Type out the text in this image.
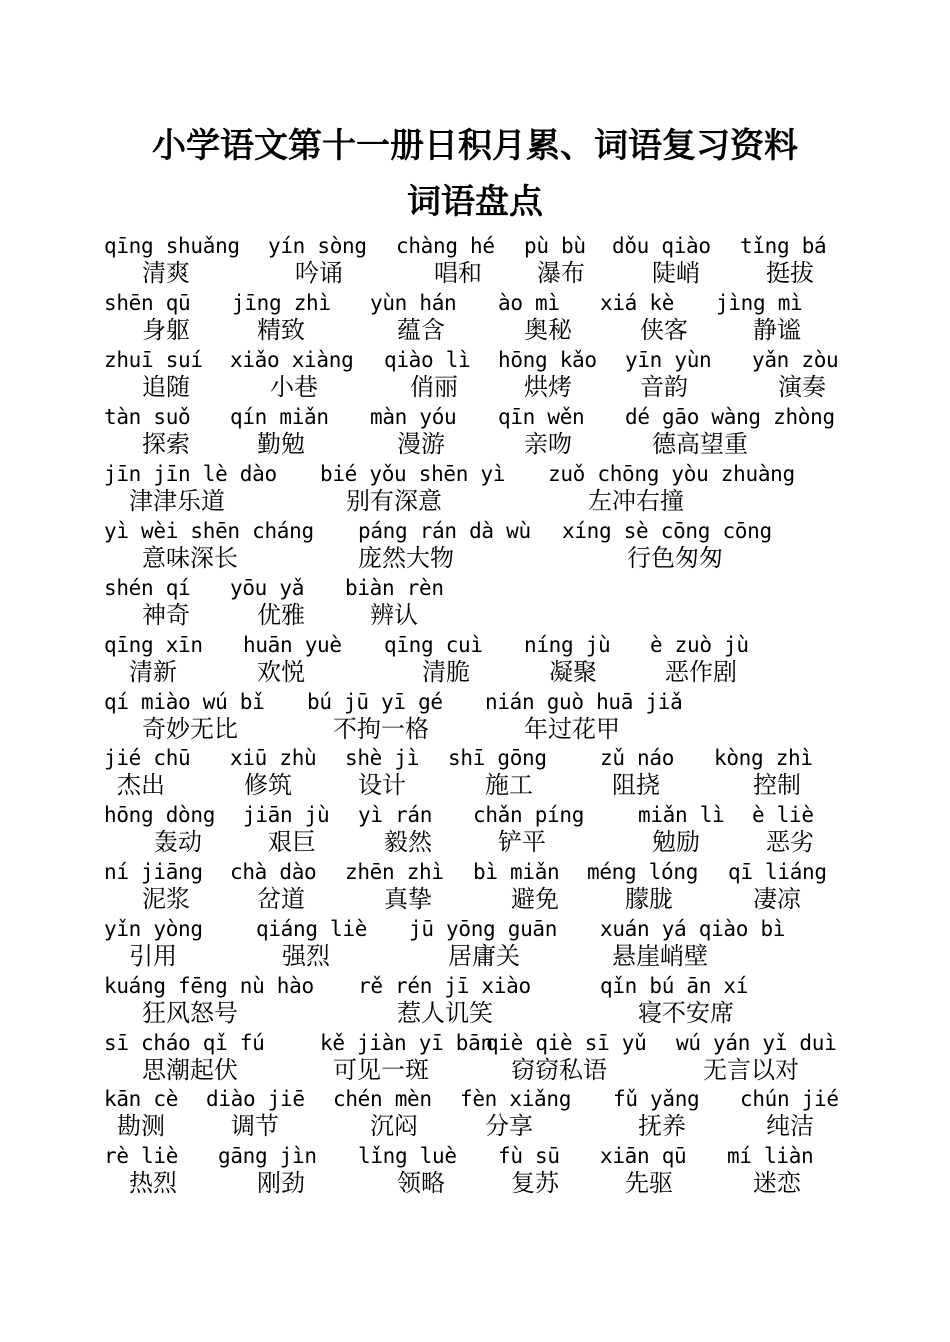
小学语文第十一册日积月累、词语复习资料
词语盘点
qīng shuǎng
清爽
yín sòng
吟诵
chàng hé
唱和
pù bù
瀑布
dǒu qiào
陡峭
tǐng bá
挺拔
shēn qū
身躯
jīng zhì
精致
yùn hán
蕴含
ào mì
奥秘
xiá kè
侠客
jìng mì
静谧
zhuī suí
追随
xiǎo xiàng
小巷
qiào lì
俏丽
hōng kǎo
烘烤
yīn yùn
音韵
yǎn zòu
演奏
tàn suǒ
探索
qín miǎn
勤勉
màn yóu
漫游
qīn wěn
亲吻
dé gāo wàng zhòng
德高望重
jīn jīn lè dào
津津乐道
bié yǒu shēn yì
别有深意
zuǒ chōng yòu zhuàng
左冲右撞
yì wèi shēn cháng
意味深长
páng rán dà wù
庞然大物
xíng sè cōng cōng
行色匆匆
shén qí
神奇
yōu yǎ
优雅
biàn rèn
辨认
qīng xīn
清新
huān yuè
欢悦
qīng cuì
清脆
níng jù
凝聚
è zuò jù
恶作剧
qí miào wú bǐ
奇妙无比
bú jū yī gé
不拘一格
nián guò huā jiǎ
年过花甲
jié chū
杰出
xiū zhù
修筑
shè jì
设计
shī gōng
施工
zǔ náo
阻挠
kòng zhì
控制
hōng dòng
轰动
jiān jù
艰巨
yì rán
毅然
chǎn píng
铲平
miǎn lì
勉励
è liè
恶劣
ní jiāng
泥浆
chà dào
岔道
zhēn zhì
真挚
bì miǎn
避免
méng lóng
朦胧
qī liáng
凄凉
yǐn yòng
引用
qiáng liè
强烈
jū yōng guān
居庸关
xuán yá qiào bì
悬崖峭壁
kuáng fēng nù hào
狂风怒号
rě rén jī xiào
惹人讥笑
qǐn bú ān xí
寝不安席
sī cháo qǐ fú
思潮起伏
kě jiàn yī bān
可见一斑
qiè qiè sī yǔ
窃窃私语
wú yán yǐ duì
无言以对
kān cè
勘测
diào jiē
调节
chén mèn
沉闷
fèn xiǎng
分享
fǔ yǎng
抚养
chún jié
纯洁
rè liè
热烈
gāng jìn
刚劲
lǐng luè
领略
fù sū
复苏
xiān qū
先驱
mí liàn
迷恋
